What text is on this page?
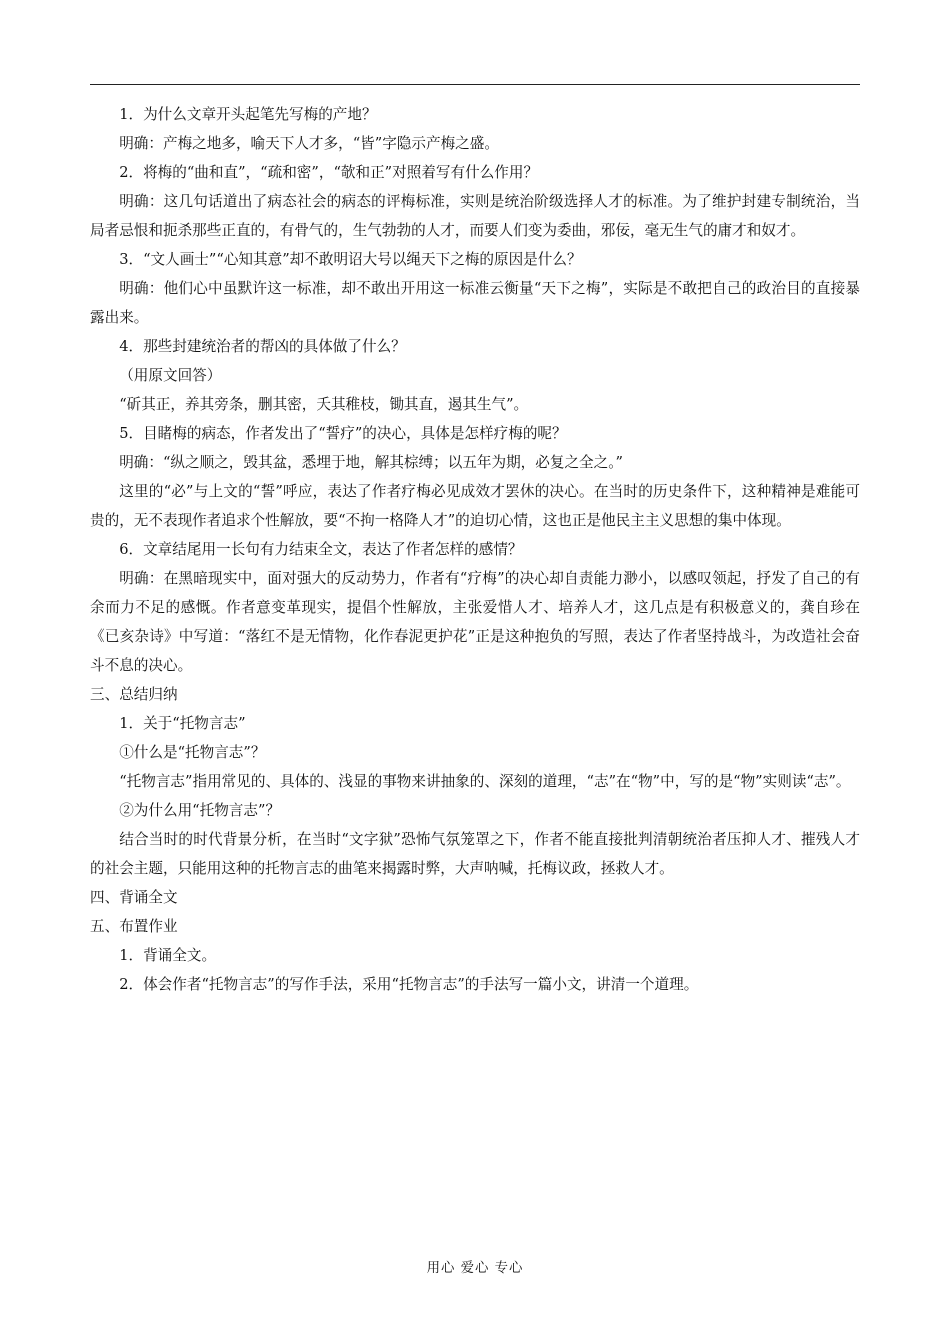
1．为什么文章开头起笔先写梅的产地？

明确：产梅之地多，喻天下人才多，“皆”字隐示产梅之盛。

2．将梅的“曲和直”，“疏和密”，“欹和正”对照着写有什么作用？

明确：这几句话道出了病态社会的病态的评梅标准，实则是统治阶级选择人才的标准。为了维护封建专制统治，当局者忌恨和扼杀那些正直的，有骨气的，生气勃勃的人才，而要人们变为委曲，邪佞，毫无生气的庸才和奴才。

3．“文人画士”“心知其意”却不敢明诏大号以绳天下之梅的原因是什么？

明确：他们心中虽默许这一标准，却不敢出开用这一标准云衡量“天下之梅”，实际是不敢把自己的政治目的直接暴露出来。

4．那些封建统治者的帮凶的具体做了什么？

（用原文回答）

“斫其正，养其旁条，删其密，夭其稚枝，锄其直，遏其生气”。

5．目睹梅的病态，作者发出了“誓疗”的决心，具体是怎样疗梅的呢？

明确：“纵之顺之，毁其盆，悉埋于地，解其棕缚；以五年为期，必复之全之。”

这里的“必”与上文的“誓”呼应，表达了作者疗梅必见成效才罢休的决心。在当时的历史条件下，这种精神是难能可贵的，无不表现作者追求个性解放，要“不拘一格降人才”的迫切心情，这也正是他民主主义思想的集中体现。

6．文章结尾用一长句有力结束全文，表达了作者怎样的感情？

明确：在黑暗现实中，面对强大的反动势力，作者有“疗梅”的决心却自责能力渺小，以感叹领起，抒发了自己的有余而力不足的感慨。作者意变革现实，提倡个性解放，主张爱惜人才、培养人才，这几点是有积极意义的，龚自珍在《已亥杂诗》中写道：“落红不是无情物，化作春泥更护花”正是这种抱负的写照，表达了作者坚持战斗，为改造社会奋斗不息的决心。

三、总结归纳

1．关于“托物言志”

①什么是“托物言志”？

“托物言志”指用常见的、具体的、浅显的事物来讲抽象的、深刻的道理，“志”在“物”中，写的是“物”实则读“志”。

②为什么用“托物言志”？

结合当时的时代背景分析，在当时“文字狱”恐怖气氛笼罩之下，作者不能直接批判清朝统治者压抑人才、摧残人才的社会主题，只能用这种的托物言志的曲笔来揭露时弊，大声呐喊，托梅议政，拯救人才。

四、背诵全文

五、布置作业

1．背诵全文。

2．体会作者“托物言志”的写作手法，采用“托物言志”的手法写一篇小文，讲清一个道理。

用心 爱心 专心
